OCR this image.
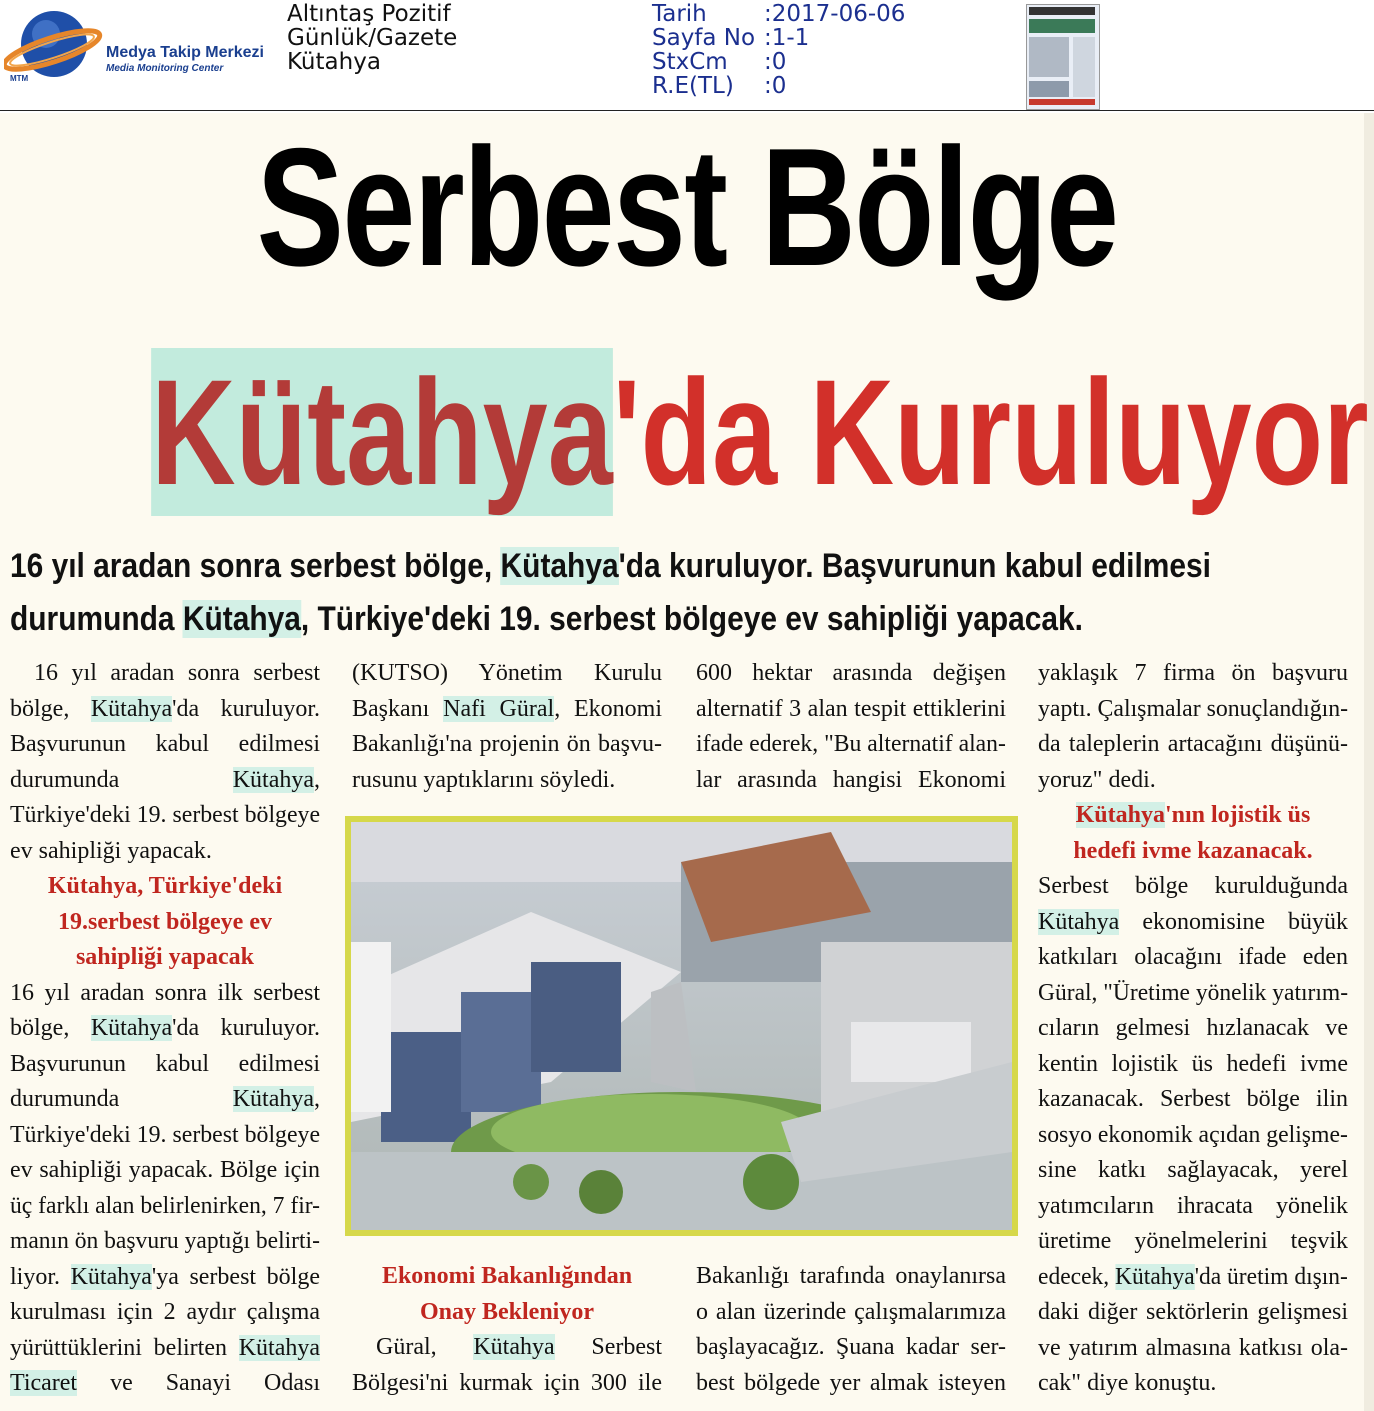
MTM
Medya Takip Merkezi
Media Monitoring Center
Altıntaş Pozitif
Günlük/Gazete
Kütahya
Tarih	:2017-06-06
Sayfa No :1-1
StxCm	:0
R.E(TL)	:0
Serbest Bölge
Kütahya'da Kuruluyor
16 yıl aradan sonra serbest bölge, Kütahya'da kuruluyor. Başvurunun kabul edilmesi
durumunda Kütahya, Türkiye'deki 19. serbest bölgeye ev sahipliği yapacak.
 16 yıl aradan sonra serbest
bölge, Kütahya'da kuruluyor.
Başvurunun kabul edilmesi
durumunda Kütahya,
Türkiye'deki 19. serbest bölgeye
ev sahipliği yapacak.
Kütahya, Türkiye'deki
19.serbest bölgeye ev
sahipliği yapacak
16 yıl aradan sonra ilk serbest
bölge, Kütahya'da kuruluyor.
Başvurunun kabul edilmesi
durumunda Kütahya,
Türkiye'deki 19. serbest bölgeye
ev sahipliği yapacak. Bölge için
üç farklı alan belirlenirken, 7 fir-
manın ön başvuru yaptığı belirti-
liyor. Kütahya'ya serbest bölge
kurulması için 2 aydır çalışma
yürüttüklerini belirten Kütahya
Ticaret ve Sanayi Odası
(KUTSO) Yönetim Kurulu
Başkanı Nafi Güral, Ekonomi
Bakanlığı'na projenin ön başvu-
rusunu yaptıklarını söyledi.
600 hektar arasında değişen
alternatif 3 alan tespit ettiklerini
ifade ederek, "Bu alternatif alan-
lar arasında hangisi Ekonomi
yaklaşık 7 firma ön başvuru
yaptı. Çalışmalar sonuçlandığın-
da taleplerin artacağını düşünü-
yoruz" dedi.
Kütahya'nın lojistik üs
hedefi ivme kazanacak.
Serbest bölge kurulduğunda
Kütahya ekonomisine büyük
katkıları olacağını ifade eden
Güral, "Üretime yönelik yatırım-
cıların gelmesi hızlanacak ve
kentin lojistik üs hedefi ivme
kazanacak. Serbest bölge ilin
sosyo ekonomik açıdan gelişme-
sine katkı sağlayacak, yerel
yatımcıların ihracata yönelik
üretime yönelmelerini teşvik
edecek, Kütahya'da üretim dışın-
daki diğer sektörlerin gelişmesi
ve yatırım almasına katkısı ola-
cak" diye konuştu.
Ekonomi Bakanlığından
Onay Bekleniyor
 Güral, Kütahya Serbest
Bölgesi'ni kurmak için 300 ile
Bakanlığı tarafında onaylanırsa
o alan üzerinde çalışmalarımıza
başlayacağız. Şuana kadar ser-
best bölgede yer almak isteyen
